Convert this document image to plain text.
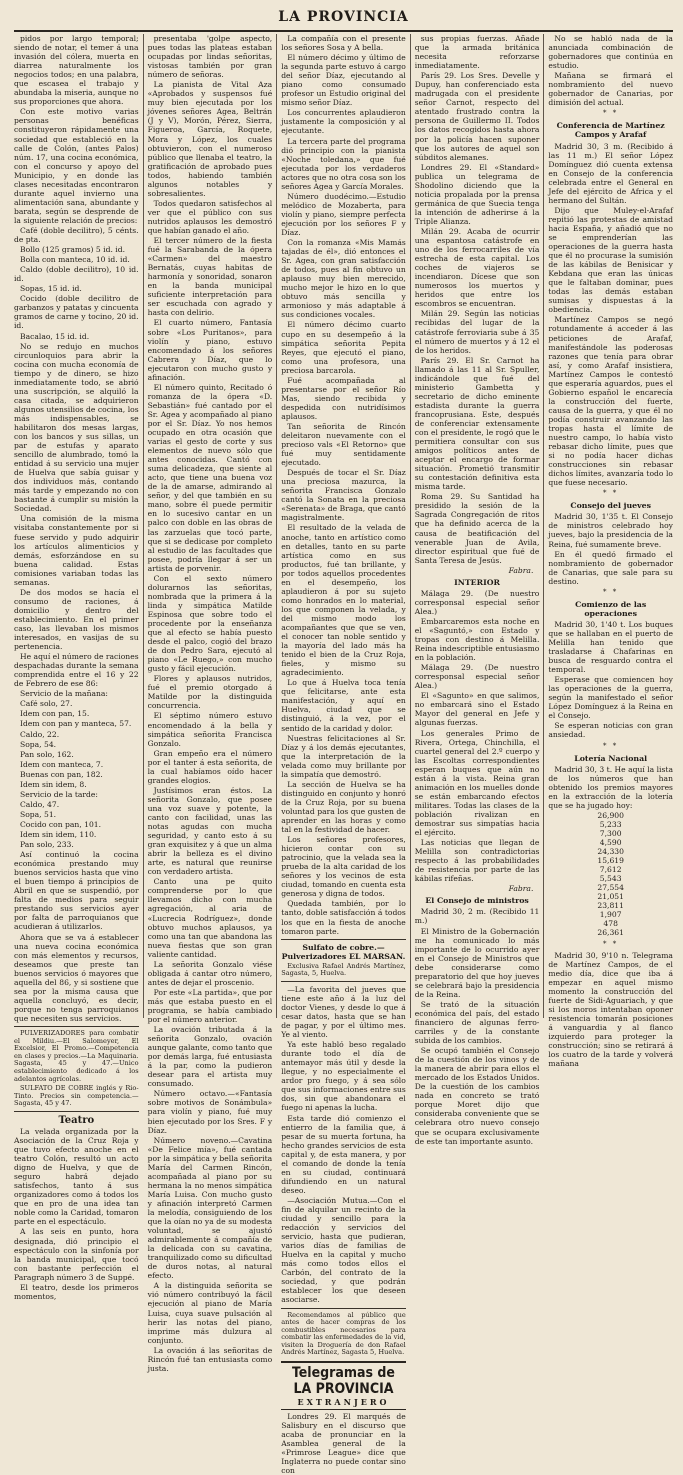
LA PROVINCIA

pidos por largo temporal; siendo de notar, el temer á una invasión del cólera, muerta en diarrea naturalmente los negocios todos; en una palabra, que escasea el trabajo y abundaba la miseria, aunque no sus proporciones que ahora.

Con este motivo varias personas benéficas constituyeron rápidamente una sociedad que estableció en la calle de Colón, (antes Palos) núm. 17, una cocina económica, con el concurso y apoyo del Municipio, y en donde las clases necesitadas encontraron durante aquel invierno una alimentación sana, abundante y barata, según se desprende de la siguiente relación de precios:

Café (doble decilitro), 5 cénts. de pta.

Bollo (125 gramos) 5 id. id.

Bolla con manteca, 10 id. id.

Caldo (doble decilitro), 10 id. id.

Sopas, 15 id. id.

Cocido (doble decilitro de garbanzos y patatas y cincuenta gramos de carne y tocino, 20 id. id.

Bacalao, 15 id. id.

No se redujo en muchos circunloquios para abrir la cocina con mucha economía de tiempo y de dinero, se hizo inmediatamente todo, se abrió una suscripción, se alquiló la casa citada, se adquirieron algunos utensilios de cocina, los más indispensables, se habilitaron dos mesas largas, con los bancos y sus sillas, un par de estufas y aparato sencillo de alumbrado, tomó la entidad á su servicio una mujer de Huelva que sabía guisar y dos individuos más, contando más tarde y empezando no con bastante á cumplir su misión la Sociedad.

Una comisión de la misma visitaba constantemente por si fuese servido y pudo adquirir los artículos alimenticios y demás, esforzándose en su buena calidad. Estas comisiones variaban todas las semanas.

De dos modos se hacía el consumo de raciones, á domicilio y dentro del establecimiento. En el primer caso, las llevaban los mismos interesados, en vasijas de su pertenencia.

He aquí el número de raciones despachadas durante la semana comprendida entre el 16 y 22 de Febrero de ese 86:

Servicio de la mañana:

Café solo, 27.

Idem con pan, 15.

Idem con pan y manteca, 57.

Caldo, 22.

Sopa, 54.

Pan solo, 162.

Idem con manteca, 7.

Buenas con pan, 182.

Idem sin idem, 8.

Servicio de la tarde:

Caldo, 47.

Sopa, 51.

Cocido con pan, 101.

Idem sin idem, 110.

Pan solo, 233.

Así continuó la cocina económica prestando muy buenos servicios hasta que vino el buen tiempo á principios de Abril en que se suspendió, por falta de medios para seguir prestando sus servicios ayer por falta de parroquianos que acudieran á utilizarlos.

Ahora que se va á establecer una nueva cocina económica con más elementos y recursos, deseamos que preste tan buenos servicios ó mayores que aquella del 86, y si sostiene que sea por la misma causa que aquella concluyó, es decir, porque no tenga parroquianos que necesiten sus servicios.

PULVERIZADORES para combatir el Mildiu.—El Salomeyer, El Excelsior, El Promo.—Competencia en clases y precios.—La Maquinaria. Sagasta, 45 y 47.—Unico establecimiento dedicado á los adelantos agrícolas.

SULFATO DE COBRE inglés y Rio-Tinto. Precios sin competencia.—Sagasta, 45 y 47.

Teatro

La velada organizada por la Asociación de la Cruz Roja y que tuvo efecto anoche en el teatro Colón, resultó un acto digno de Huelva, y que de seguro habrá dejado satisfechos, tanto á sus organizadores como á todos los que en pro de una idea tan noble como la Caridad, tomaron parte en el espectáculo.

A las seis en punto, hora designada, dió principio el espectáculo con la sinfonía por la banda municipal, que tocó con bastante perfección el Paragraph número 3 de Suppé.

El teatro, desde los primeros momentos,

presentaba 'golpe aspecto, pues todas las plateas estaban ocupadas por lindas señoritas, vistosas también por gran número de señoras.

La pianista de Vital Aza «Aprobados y suspensos fué muy bien ejecutada por los jóvenes señores Agea, Beltrán (J y V), Morón, Pérez, Sierra, Figueroa, García, Roquete, Mora y López, los cuales obtuvieron, con el numeroso público que llenaba el teatro, la gratificación de aprobado pues todos, habiendo también algunos notables y sobresalientes.

Todos quedaron satisfechos al ver que el público con sus nutridos aplausos les demostró que habían ganado el año.

El tercer número de la fiesta fué la Sarabanda de la ópera «Carmen» del maestro Bernatás, cuyas habitas de harmonía y sonoridad, sonaron en la banda municipal suficiente interpretación para ser escuchada con agrado y hasta con delirio.

El cuarto número, Fantasía sobre «Los Puritanos», para violín y piano, estuvo encomendado á los señores Cabrera y Díaz, que lo ejecutaron con mucho gusto y afinación.

El número quinto, Recitado ó romanza de la ópera «D. Sebastián» fué cantado por el Sr. Agea y acompañado al piano por el Sr. Díaz. Yo nos hemos ocupado en otra ocasión que varias el gesto de corte y sus elementos de nuevo sólo que antes conocidas. Cantó con suma delicadeza, que siente al acto, que tiene una buena voz de la de amarse, admirando al señor, y del que también en su mano, sobre él puede permitir en lo sucesivo cantar en un palco con doble en las obras de las zarzuelas que tocó parte, que si se dedicase por completo al estudio de las facultades que posee, podría llegar á ser un artista de porvenir.

Con el sexto número dolurarnos las señoritas, nombrada que la primera á la linda y simpática Matilde Espinosa que sobre todo el procedente por la enseñanza que al efecto se había puesto desde el palco, cogió del brazo de don Pedro Sara, ejecutó al piano «Le Ruego,» con mucho gusto y fácil ejecución.

Flores y aplausos nutridos, fué el premio otorgado á Matilde por la distinguida concurrencia.

El séptimo número estuvo encomendado á la bella y simpática señorita Francisca Gonzalo.

Gran empeño era el número por el tanter á esta señorita, de la cual habíamos oído hacer grandes elogios.

Justísimos eran éstos. La señorita Gonzalo, que posee una voz suave y potente, la canto con facilidad, unas las notas agudas con mucha seguridad, y canto esto á su gran exquisitez y á que un alma abrir la belleza es el divino arte, es natural que reunirse con verdadero artista.

Canto una pe quito comprenderse por lo que llevamos dicho con mucha agregación, al aria de «Lucrecia Rodríguez», donde obtuvo muchos aplausos, ya como una tan que abandona las nueva fiestas que son gran valiente cantidad.

La señorita Gonzalo viése obligada á cantar otro número, antes de dejar el proscenio.

Por este «La partida», que por más que estaba puesto en el programa, se había cambiado por el número anterior.

La ovación tributada á la señorita Gonzalo, ovación aunque galante, como tanto que por demás larga, fué entusiasta á la par, como la pudieron desear para el artista muy consumado.

Número octavo.—«Fantasía sobre motivos de Sonámbula» para violín y piano, fué muy bien ejecutado por los Sres. F y Díaz.

Número noveno.—Cavatina «De Felice mía», fué cantada por la simpática y bella señorita María del Carmen Rincón, acompañada al piano por su hermana la no menos simpática María Luisa. Con mucho gusto y afinación interpretó Carmen la melodía, consiguiendo de los que la oían no ya de su modesta voluntad, se ajustó admirablemente á compañía de la delicada con su cavatina, tranquilizado como su dificultad de duros notas, al natural efecto.

A la distinguida señorita se vió número contribuyó la fácil ejecución al piano de María Luisa, cuya suave pulsación al herir las notas del piano, imprime más dulzura al conjunto.

La ovación á las señoritas de Rincón fué tan entusiasta como justa.

La compañía con el presente los señores Sosa y A bella.

El número décimo y último de la segunda parte estuvo á cargo del señor Díaz, ejecutando al piano como consumado profesor un Estudio original del mismo señor Díaz.

Los concurrentes aplaudieron justamente la composición y al ejecutante.

La tercera parte del programa dió principio con la pianista «Noche toledana,» que fué ejecutada por los verdaderos actores que no otra cosa son los señores Agea y García Morales.

Número duodécimo.—Estudio melódico de Mozaberta, para violín y piano, siempre perfecta ejecución por los señores F y Díaz.

Con la romanza «Mis Mamás tajadas de él», dió entonces el Sr. Agea, con gran satisfacción de todos, pues al fin obtuvo un aplauso muy bien merecido, mucho mejor le hizo en lo que obtuvo más sencilla y armonioso y más adaptable á sus condiciones vocales.

El número décimo cuarto cupo en su desempeño á la simpática señorita Pepita Reyes, que ejecutó el piano, como una profesora, una preciosa barcarola.

Fué acompañada al presentarse por el señor Río Mas, siendo recibida y despedida con nutridísimos aplausos.

Tan señorita de Rincón deleitaron nuevamente con el precioso vals «El Retorno» que fué muy sentidamente ejecutado.

Después de tocar el Sr. Díaz una preciosa mazurca, la señorita Francisca Gonzalo cantó la Sonata en la preciosa «Serenata» de Braga, que cantó magistralmente.

El resultado de la velada de anoche, tanto en artístico como en detalles, tanto en su parte artística como en sus productos, fué tan brillante, y por todos aquellos procedentes en el desempeño, los aplaudieron á por su sujeto como honrados en lo material, los que componen la velada, y del mismo modo los acompañantes que que se ven, el conocer tan noble sentido y la mayoría del lado más ha tenido el bien de la Cruz Roja, fieles, y mismo su agradecimiento.

Lo que á Huelva toca tenía que felicitarse, ante esta manifestación, y aquí en Huelva, ciudad que se distinguió, á la vez, por el sentido de la caridad y dolor.

Nuestras felicitaciones al Sr. Díaz y á los demás ejecutantes, que la interpretación de la velada como muy brillante por la simpatía que demostró.

La sección de Huelva se ha distinguido en conjunto y honró de la Cruz Roja, por su buena voluntad para los que gusten de aprender en las horas y como tal en la festividad de hacer.

Los señores profesores, hicieron contar con su patrocinio, que la velada sea la prueba de la alta caridad de los señores y los vecinos de esta ciudad, tomando en cuenta esta generosa y digna de todos.

Quedada también, por lo tanto, doble satisfacción á todos los que en la fiesta de anoche tomaron parte.

Sulfato de cobre.—Pulverizadores EL MARSAN.

Exclusiva Rafael Andrés Martínez, Sagasta, 5, Huelva.

—La favorita del jueves que tiene este año á la luz del doctor Vienes, y desde lo que á cesar datos, hasta que se han de pagar, y por el último mes. Ye al viento.

Ya este habló beso regalado durante todo el día de antemayor más útil y desde la llegue, y no especialmente el ardor pro fuego, y á sea sólo que sus informaciones entre sus dos, sin que abandonara el fuego ni apenas la lucha.

Esta tarde dió comienzo el entierro de la familia que, á pesar de su muerta fortuna, ha hecho grandes servicios de esta capital y, de esta manera, y por el comando de donde la tenía en su ciudad, continuará difundiendo en un natural deseo.

—Asociación Mutua.—Con el fin de alquilar un recinto de la ciudad y sencillo para la redacción y servicios del servicio, hasta que pudieran, varios días de familias de Huelva en la capital y mucho más como todos ellos el Carbón, del contrato de la sociedad, y que podrán establecer los que deseen asociarse.

Recomendamos al público que antes de hacer compras de los combustibles necesarios para combatir las enfermedades de la vid, visiten la Droguería de don Rafael Andrés Martínez, Sagasta 5, Huelva.

Telegramas de LA PROVINCIA
EXTRANJERO

Londres 29. El marqués de Salisbury en el discurso que acaba de pronunciar en la Asamblea general de la «Primrose League» dice que Inglaterra no puede contar sino con

sus propias fuerzas. Añade que la armada británica necesita reforzarse inmediatamente.

París 29. Los Sres. Develle y Dupuy, han conferenciado esta madrugada con el presidente señor Carnot, respecto del atentado frustrado contra la persona de Guillermo II. Todos los datos recogidos hasta ahora por la policía hacen suponer que los autores de aquel son súbditos alemanes.

Londres 29. El «Standard» publica un telegrama de Shodolino diciendo que la noticia propalada por la prensa germánica de que Suecia tenga la intención de adherirse á la Triple Alianza.

Milán 29. Acaba de ocurrir una espantosa catástrofe en uno de los ferrocarriles de vía estrecha de esta capital. Los coches de viajeros se incendiaron. Dícese que son numerosos los muertos y heridos que entre los escombros se encuentran.

Milán 29. Según las noticias recibidas del lugar de la catástrofe ferroviaria sube á 35 el número de muertos y á 12 el de los heridos.

París 29. El Sr. Carnot ha llamado á las 11 al Sr. Spuller, indicándole que fué del ministerio Gambetta y secretario de dicho eminente estadista durante la guerra francoprusiana. Este, después de conferenciar extensamente con el presidente, le rogó que le permitiera consultar con sus amigos políticos antes de aceptar el encargo de formar situación. Prometió transmitir su contestación definitiva esta misma tarde.

Roma 29. Su Santidad ha presidido la sesión de la Sagrada Congregación de ritos que ha definido acerca de la causa de beatificación del venerable Juan de Avila, director espiritual que fué de Santa Teresa de Jesús.

Fabra.
INTERIOR

Málaga 29. (De nuestro corresponsal especial señor Alea.)

Embarcaremos esta noche en el «Saguntó,» con Estado y tropas con destino á Melilla. Reina indescriptible entusiasmo en la población.

Málaga 29. (De nuestro corresponsal especial señor Alea.)

El «Sagunto» en que salimos, no embarcará sino el Estado Mayor del general en Jefe y algunas fuerzas.

Los generales Primo de Rivera, Ortega, Chinchilla, el cuartel general del 2.º cuerpo y las Escoltas correspondientes esperan buques que aún no están á la vista. Reina gran animación en los muelles donde se están embarcando efectos militares. Todas las clases de la población rivalizan en demostrar sus simpatías hacia el ejército.

Las noticias que llegan de Melilla son contradictorias respecto á las probabilidades de resistencia por parte de las kábilas rifeñas.

Fabra.
El Consejo de ministros

Madrid 30, 2 m. (Recibido 11 m.)

El Ministro de la Gobernación me ha comunicado lo más importante de lo ocurrido ayer en el Consejo de Ministros que debe considerarse como preparatorio del que hoy jueves se celebrará bajo la presidencia de la Reina.

Se trató de la situación económica del país, del estado financiero de algunas ferro-carriles y de la constante subida de los cambios.

Se ocupó también el Consejo de la cuestión de los vinos y de la manera de abrir para ellos el mercado de los Estados Unidos. De la cuestión de los cambios nada en concreto se trató porque Moret dijo que consideraba conveniente que se celebrara otro nuevo consejo que se ocupara exclusivamente de este tan importante asunto.

No se habló nada de la anunciada combinación de gobernadores que continúa en estudio.

Mañana se firmará el nombramiento del nuevo gobernador de Canarias, por dimisión del actual.

* *
Conferencia de Martínez Campos y Arafaf

Madrid 30, 3 m. (Recibido á las 11 m.) El señor López Domínguez dió cuenta extensa en Consejo de la conferencia celebrada entre el General en Jefe del ejército de Africa y el hermano del Sultán.

Dijo que Muley-el-Arafaf repitió las protestas de amistad hacia España, y añadió que no se emprenderían las operaciones de la guerra hasta que él no procurase la sumisión de las kábilas de Benisicar y Kebdana que eran las únicas que le faltaban dominar, pues todas las demás estaban sumisas y dispuestas á la obediencia.

Martínez Campos se negó rotundamente á acceder á las peticiones de Arafaf, manifestándole las poderosas razones que tenía para obrar así, y como Arafaf insistiera, Martínez Campos le contestó que esperaría aguardos, pues el Gobierno español le encarecía la construcción del fuerte, causa de la guerra, y que él no podía construir avanzando las tropas hasta el límite de nuestro campo, lo había visto rebasar dicho límite, pues que si no podía hacer dichas construcciones sin rebasar dichos límites, avanzaría todo lo que fuese necesario.

* *
Consejo del jueves

Madrid 30, 1'35 t. El Consejo de ministros celebrado hoy jueves, bajo la presidencia de la Reina, fué sumamente breve.

En él quedó firmado el nombramiento de gobernador de Canarias, que sale para su destino.

* *
Comienzo de las operaciones

Madrid 30, 1'40 t. Los buques que se hallaban en el puerto de Melilla han tenido que trasladarse á Chafarinas en busca de resguardo contra el temporal.

Esperase que comiencen hoy las operaciones de la guerra, según la manifestado el señor López Domínguez á la Reina en el Consejo.

Se esperan noticias con gran ansiedad.

* *
Lotería Nacional

Madrid 30, 3 t. He aquí la lista de los números que han obtenido los premios mayores en la extracción de la lotería que se ha jugado hoy:

26,900

5,233

7,300

4,590

24,330

15,619

7,612

5,543

27,554

21,051

23,811

1,907

478

26,361

* *

Madrid 30, 9'10 n. Telegrama de Martínez Campos, de el medio día, dice que iba á empezar en aquel mismo momento la construcción del fuerte de Sidi-Aguariach, y que si los moros intentaban oponer resistencia tomarán posiciones á vanguardia y al flanco izquierdo para proteger la construcción; sino se retirará á los cuatro de la tarde y volverá mañana
